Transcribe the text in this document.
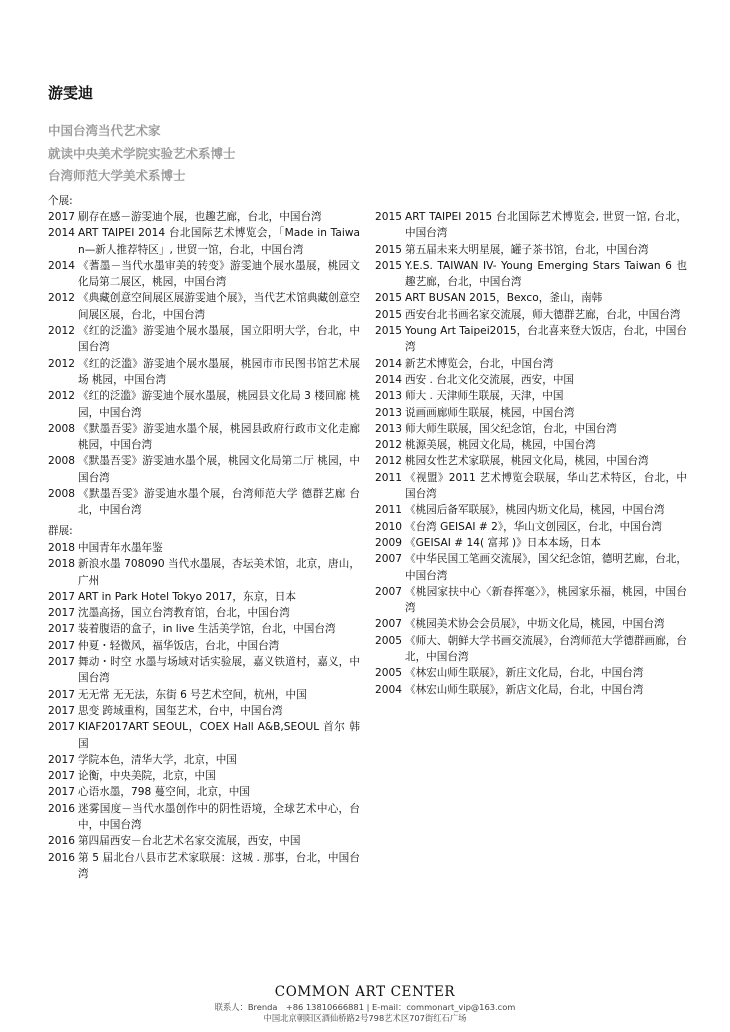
游雯迪
中国台湾当代艺术家
就读中央美术学院实验艺术系博士
台湾师范大学美术系博士
个展:
2017 刷存在感－游雯迪个展，也趣艺廊，台北，中国台湾
2014 ART TAIPEI 2014 台北国际艺术博览会，「Made in Taiwan—新人推荐特区」, 世贸一馆，台北，中国台湾
2014 《蓍墨－当代水墨审美的转变》游雯迪个展水墨展，桃园文化局第二展区，桃园，中国台湾
2012 《典藏创意空间展区展游雯迪个展》，当代艺术馆典藏创意空间展区展，台北，中国台湾
2012 《红的泛滥》游雯迪个展水墨展，国立阳明大学，台北，中国台湾
2012 《红的泛滥》游雯迪个展水墨展，桃园市市民图书馆艺术展场 桃园，中国台湾
2012 《红的泛滥》游雯迪个展水墨展，桃园县文化局 3 楼回廊 桃园，中国台湾
2008 《默墨吾雯》游雯迪水墨个展，桃园县政府行政市文化走廊 桃园，中国台湾
2008 《默墨吾雯》游雯迪水墨个展，桃园文化局第二厅 桃园，中国台湾
2008 《默墨吾雯》游雯迪水墨个展，台湾师范大学 德群艺廊 台北，中国台湾
群展:
2018 中国青年水墨年鉴
2018 新浪水墨 708090 当代水墨展，杏坛美术馆，北京，唐山，广州
2017 ART in Park Hotel Tokyo 2017，东京，日本
2017 沈墨高扬，国立台湾教育馆，台北，中国台湾
2017 装着腹语的盒子，in live 生活美学馆，台北，中国台湾
2017 仲夏・轻微风，福华饭店，台北，中国台湾
2017 舞动・时空 水墨与场域对话实验展，嘉义铁道村，嘉义，中国台湾
2017 无无常 无无法，东街 6 号艺术空间，杭州，中国
2017 思变 跨域重构，国玺艺术，台中，中国台湾
2017 KIAF2017ART SEOUL，COEX Hall A&B,SEOUL 首尔 韩国
2017 学院本色，清华大学，北京，中国
2017 论衡，中央美院，北京，中国
2017 心语水墨，798 蔓空间，北京，中国
2016 迷雾国度－当代水墨创作中的阴性语境，全球艺术中心，台中，中国台湾
2016 第四届西安－台北艺术名家交流展，西安，中国
2016 第 5 届北台八县市艺术家联展：这城 . 那事，台北，中国台湾
2015 ART TAIPEI 2015 台北国际艺术博览会, 世贸一馆, 台北，中国台湾
2015 第五届未来大明星展，罐子茶书馆，台北，中国台湾
2015 Y.E.S. TAIWAN IV- Young Emerging Stars Taiwan 6 也趣艺廊，台北，中国台湾
2015 ART BUSAN 2015，Bexco，釜山，南韩
2015 西安台北书画名家交流展，师大德群艺廊，台北，中国台湾
2015 Young Art Taipei2015，台北喜来登大饭店，台北，中国台湾
2014 新艺术博览会，台北，中国台湾
2014 西安 . 台北文化交流展，西安，中国
2013 师大 . 天津师生联展，天津，中国
2013 说画画廊师生联展，桃园，中国台湾
2013 师大师生联展，国父纪念馆，台北，中国台湾
2012 桃源美展，桃园文化局，桃园，中国台湾
2012 桃园女性艺术家联展，桃园文化局，桃园，中国台湾
2011 《视盟》2011 艺术博览会联展，华山艺术特区，台北，中国台湾
2011 《桃园后备军联展》，桃园内坜文化局，桃园，中国台湾
2010 《台湾 GEISAI # 2》，华山文创园区，台北，中国台湾
2009 《GEISAI # 14( 富邦 )》日本本场，日本
2007 《中华民国工笔画交流展》，国父纪念馆，德明艺廊，台北，中国台湾
2007 《桃园家扶中心〈新春挥毫〉》，桃园家乐福，桃园，中国台湾
2007 《桃园美术协会会员展》，中坜文化局，桃园，中国台湾
2005 《师大、朝鲜大学书画交流展》，台湾师范大学德群画廊，台北，中国台湾
2005 《林宏山师生联展》，新庄文化局，台北，中国台湾
2004 《林宏山师生联展》，新店文化局，台北，中国台湾
COMMON ART CENTER
联系人：Brenda　+86 13810666881 | E-mail：commonart_vip@163.com
中国北京朝阳区酒仙桥路2号798艺术区707街红石广场
